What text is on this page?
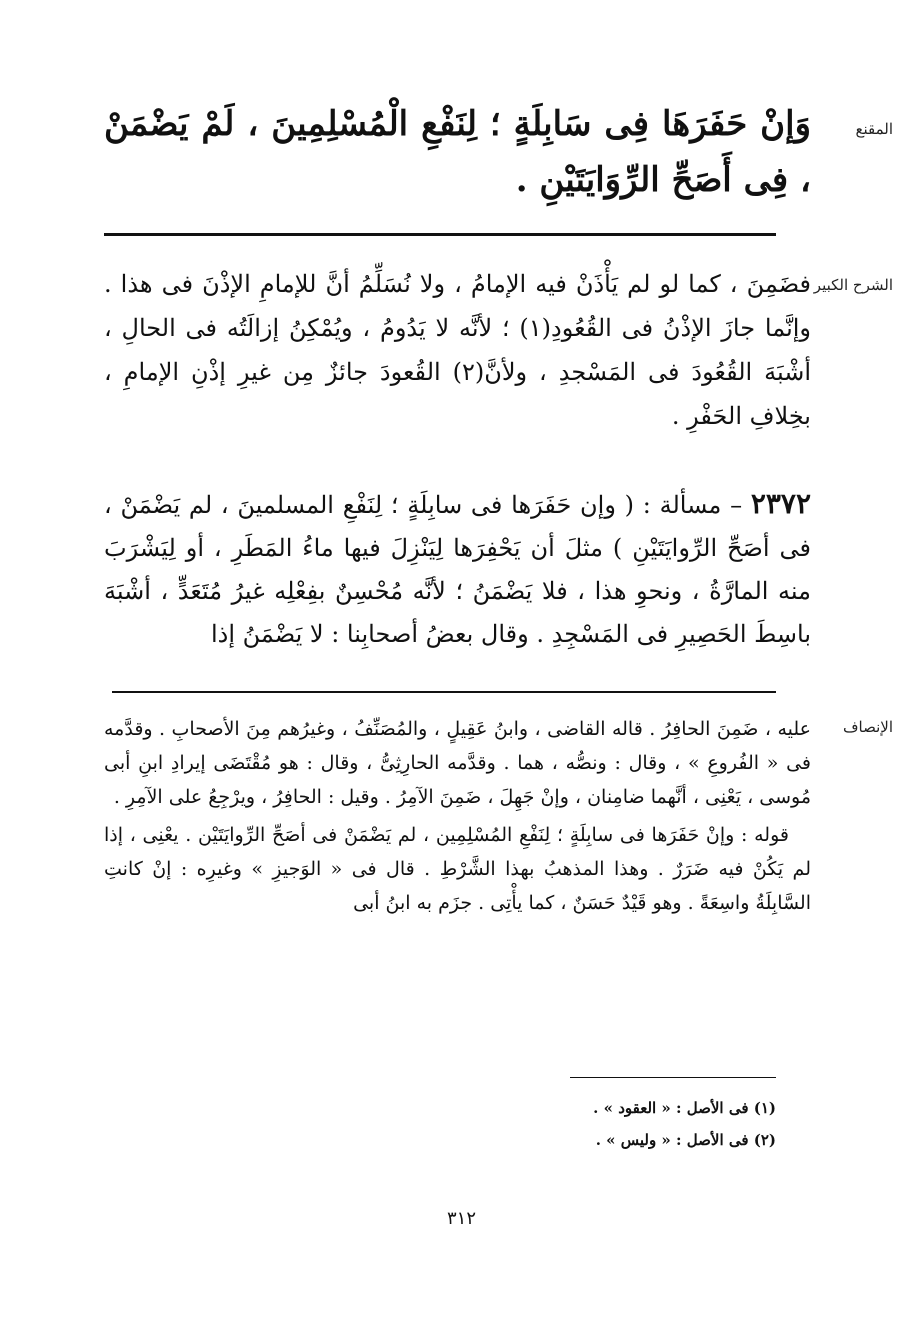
المقنع

وَإنْ حَفَرَهَا فِى سَابِلَةٍ ؛ لِنَفْعِ الْمُسْلِمِينَ ، لَمْ يَضْمَنْ ، فِى أَصَحِّ الرِّوَايَتَيْنِ .

الشرح الكبير

فضَمِنَ ، كما لو لم يَأْذَنْ فيه الإمامُ ، ولا نُسَلِّمُ أنَّ للإمامِ الإذْنَ فى هذا . وإنَّما جازَ الإذْنُ فى القُعُودِ(١) ؛ لأنَّه لا يَدُومُ ، ويُمْكِنُ إزالَتُه فى الحالِ ، أشْبَهَ القُعُودَ فى المَسْجدِ ، ولأنَّ(٢) القُعودَ جائزٌ مِن غيرِ إذْنِ الإمامِ ، بخِلافِ الحَفْرِ .

٢٣٧٢ – مسألة : ( وإن حَفَرَها فى سابِلَةٍ ؛ لِنَفْعِ المسلمينَ ، لم يَضْمَنْ ، فى أصَحِّ الرِّوايَتَيْنِ ) مثلَ أن يَحْفِرَها لِيَنْزِلَ فيها ماءُ المَطَرِ ، أو لِيَشْرَبَ منه المارَّةُ ، ونحوِ هذا ، فلا يَضْمَنُ ؛ لأنَّه مُحْسِنٌ بفِعْلِه غيرُ مُتَعَدٍّ ، أشْبَهَ باسِطَ الحَصِيرِ فى المَسْجِدِ . وقال بعضُ أصحابِنا : لا يَضْمَنُ إذا

الإنصاف

عليه ، ضَمِنَ الحافِرُ . قاله القاضى ، وابنُ عَقِيلٍ ، والمُصَنِّفُ ، وغيرُهم مِنَ الأصحابِ . وقدَّمه فى « الفُروعِ » ، وقال : ونصُّه ، هما . وقدَّمه الحارِثِىُّ ، وقال : هو مُقْتَضَى إيرادِ ابنِ أبى مُوسى ، يَعْنِى ، أنَّهما ضامِنان ، وإنْ جَهِلَ ، ضَمِنَ الآمِرُ . وقيل : الحافِرُ ، ويرْجِعُ على الآمِرِ .

قوله : وإنْ حَفَرَها فى سابِلَةٍ ؛ لِنَفْعِ المُسْلِمِين ، لم يَضْمَنْ فى أصَحِّ الرِّوايَتَيْن . يعْنِى ، إذا لم يَكُنْ فيه ضَرَرٌ . وهذا المذهبُ بهذا الشَّرْطِ . قال فى « الوَجيزِ » وغيرِه : إنْ كانتِ السَّابِلَةُ واسِعَةً . وهو قَيْدٌ حَسَنٌ ، كما يأْتِى . جزَم به ابنُ أبى

(١) فى الأصل : « العقود » .
(٢) فى الأصل : « وليس » .
٣١٢
